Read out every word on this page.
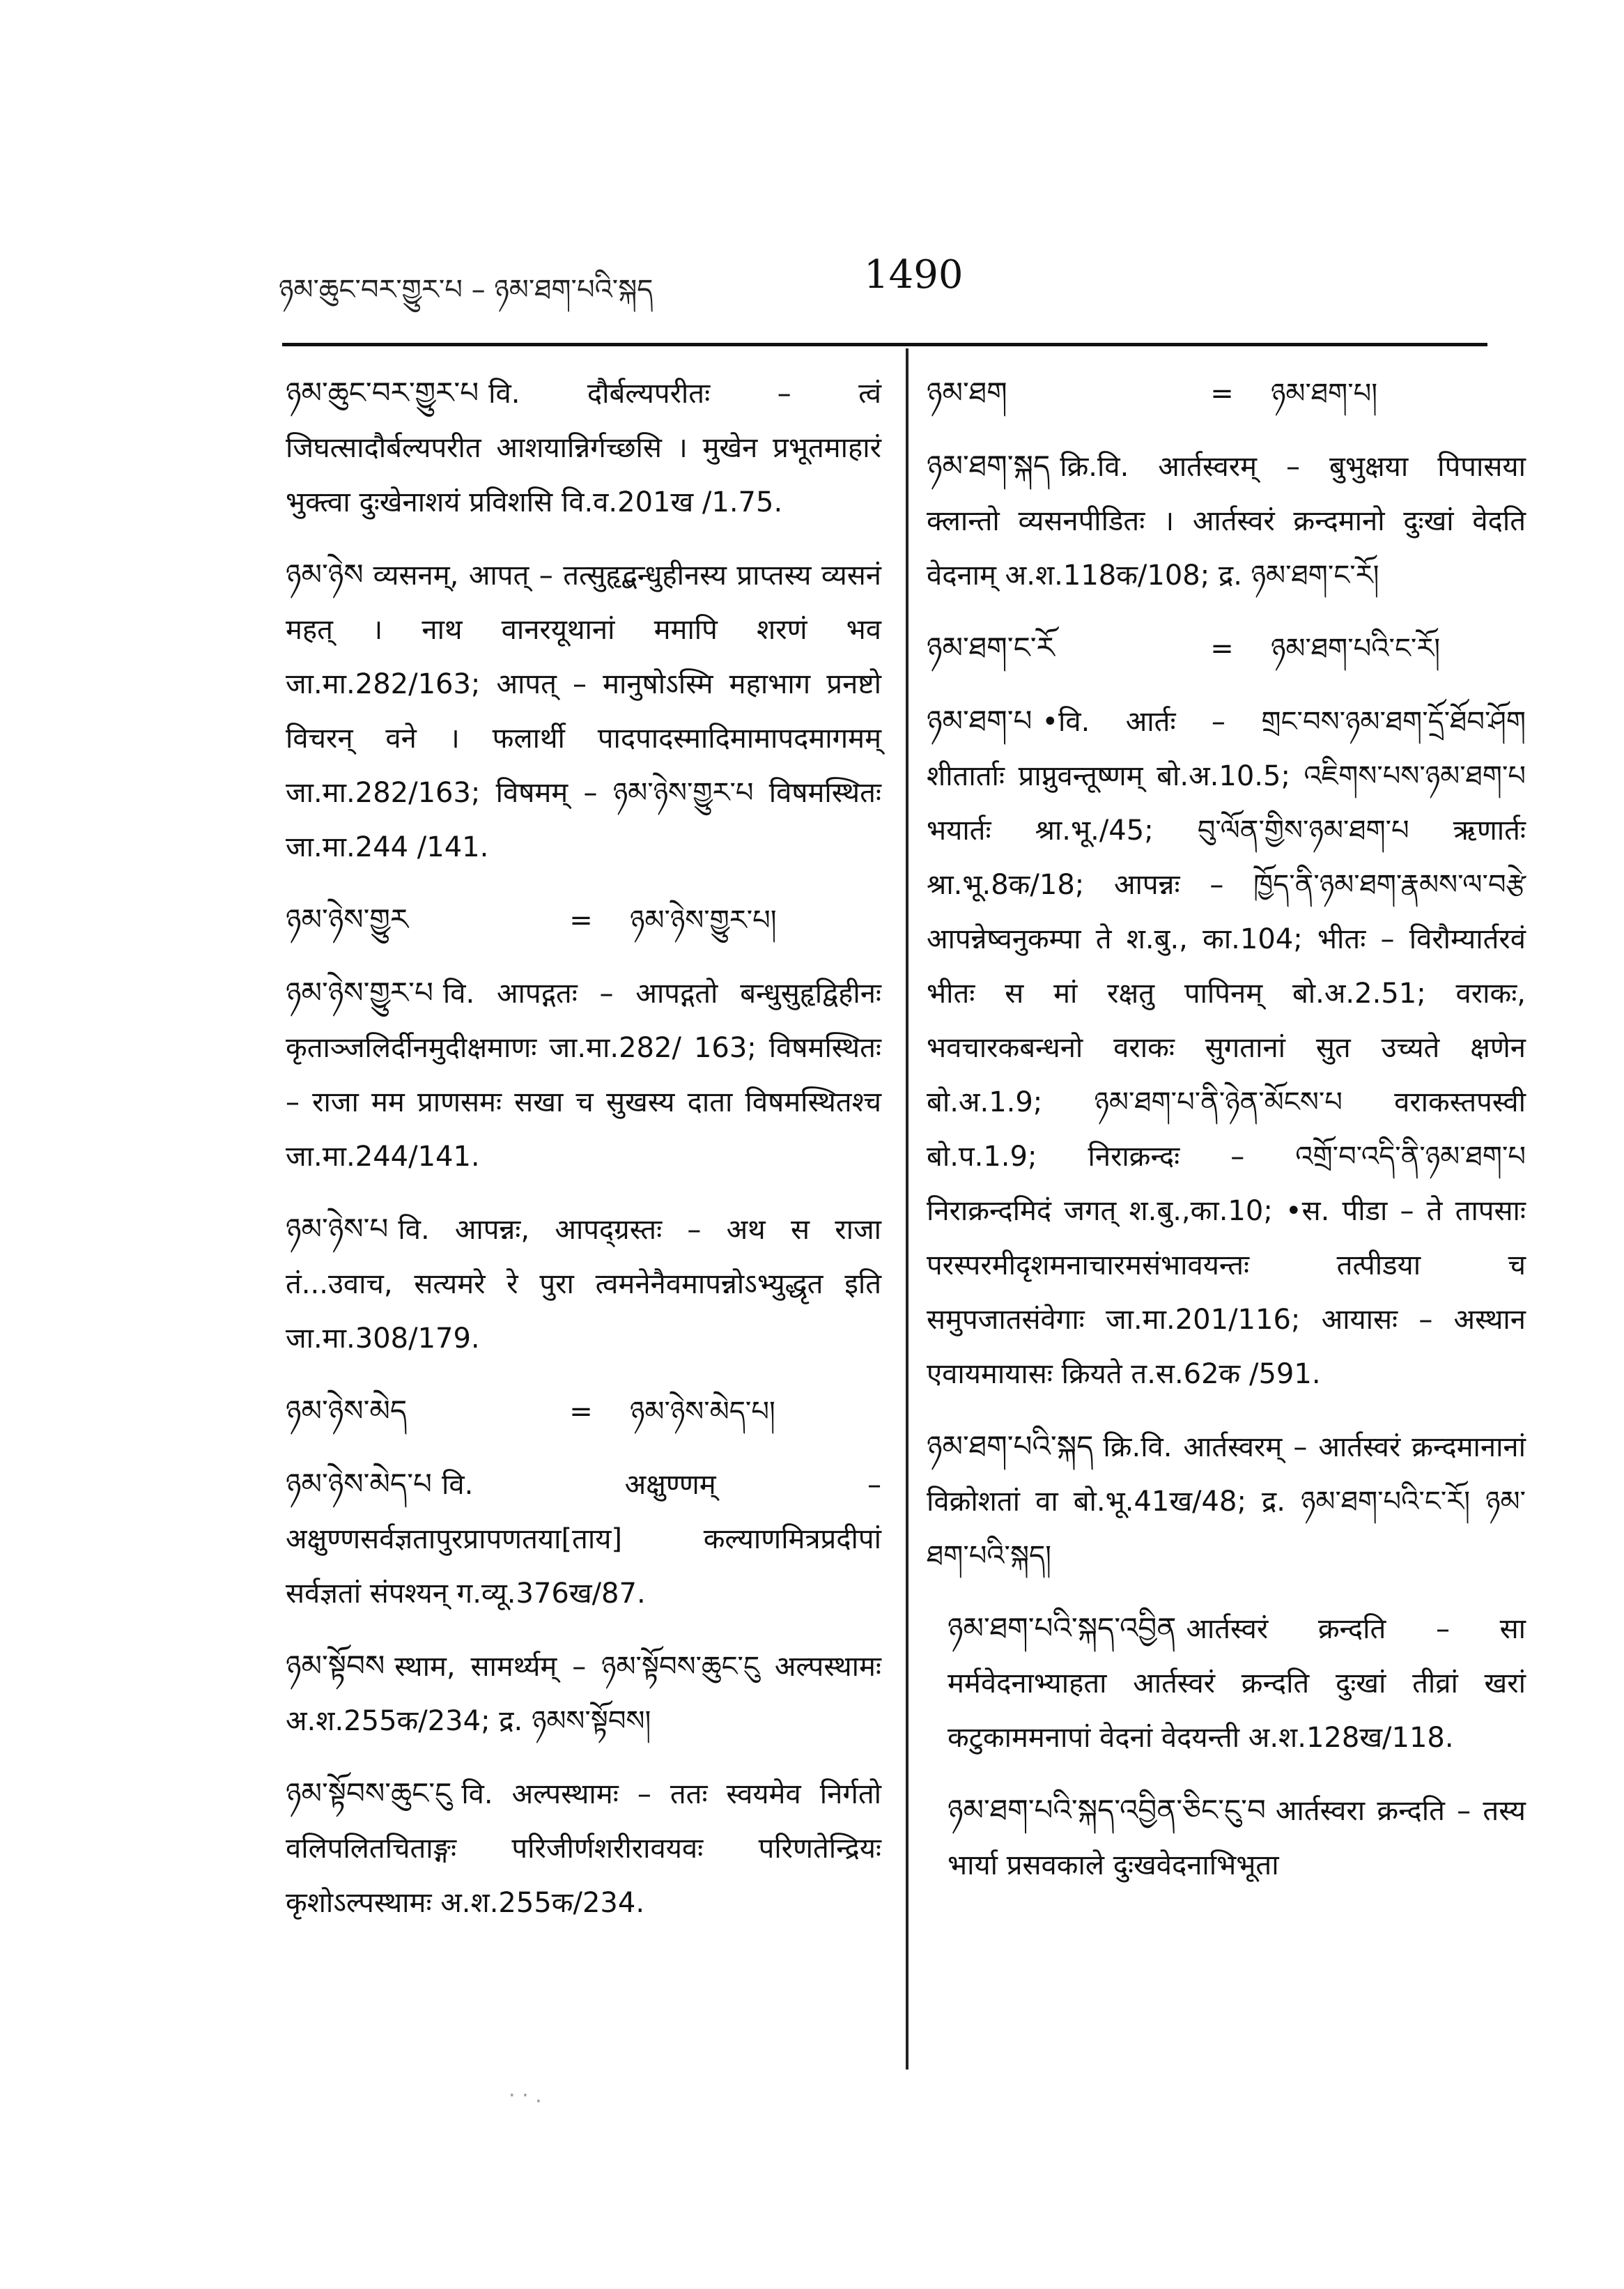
ཉམ་ཆུང་བར་གྱུར་པ – ཉམ་ཐག་པའི་སྐད	1490
ཉམ་ཆུང་བར་གྱུར་པ वि. दौर्बल्यपरीतः – त्वं जिघत्सादौर्बल्यपरीत आशयान्निर्गच्छसि । मुखेन प्रभूतमाहारं भुक्त्वा दुःखेनाशयं प्रविशसि वि.व.201ख /1.75.
ཉམ་ཉེས व्यसनम्, आपत् – तत्सुहृद्बन्धुहीनस्य प्राप्तस्य व्यसनं महत् । नाथ वानरयूथानां ममापि शरणं भव जा.मा.282/163; आपत् – मानुषोऽस्मि महाभाग प्रनष्टो विचरन् वने । फलार्थी पादपादस्मादिमामापदमागमम् जा.मा.282/163; विषमम् – ཉམ་ཉེས་གྱུར་པ विषमस्थितः जा.मा.244 /141.
ཉམ་ཉེས་གྱུར	= ཉམ་ཉེས་གྱུར་པ།
ཉམ་ཉེས་གྱུར་པ वि. आपद्गतः – आपद्गतो बन्धुसुहृद्विहीनः कृताञ्जलिर्दीनमुदीक्षमाणः जा.मा.282/ 163; विषमस्थितः – राजा मम प्राणसमः सखा च सुखस्य दाता विषमस्थितश्च जा.मा.244/141.
ཉམ་ཉེས་པ वि. आपन्नः, आपद्ग्रस्तः – अथ स राजा तं...उवाच, सत्यमरे रे पुरा त्वमनेनैवमापन्नोऽभ्युद्धृत इति जा.मा.308/179.
ཉམ་ཉེས་མེད	= ཉམ་ཉེས་མེད་པ།
ཉམ་ཉེས་མེད་པ वि. अक्षुण्णम् – अक्षुण्णसर्वज्ञतापुरप्रापणतया[ताय] कल्याणमित्रप्रदीपां सर्वज्ञतां संपश्यन् ग.व्यू.376ख/87.
ཉམ་སྟོབས स्थाम, सामर्थ्यम् – ཉམ་སྟོབས་ཆུང་ངུ अल्पस्थामः अ.श.255क/234; द्र. ཉམས་སྟོབས།
ཉམ་སྟོབས་ཆུང་ངུ वि. अल्पस्थामः – ततः स्वयमेव निर्गतो वलिपलितचिताङ्गः परिजीर्णशरीरावयवः परिणतेन्द्रियः कृशोऽल्पस्थामः अ.श.255क/234.
ཉམ་ཐག	= ཉམ་ཐག་པ།
ཉམ་ཐག་སྐད क्रि.वि. आर्तस्वरम् – बुभुक्षया पिपासया क्लान्तो व्यसनपीडितः । आर्तस्वरं क्रन्दमानो दुःखां वेदति वेदनाम् अ.श.118क/108; द्र. ཉམ་ཐག་ང་རོ།
ཉམ་ཐག་ང་རོ	= ཉམ་ཐག་པའི་ང་རོ།
ཉམ་ཐག་པ •वि. आर्तः – གྲང་བས་ཉམ་ཐག་དྲོ་ཐོབ་ཤོག शीतार्ताः प्राप्नुवन्तूष्णम् बो.अ.10.5; འཇིགས་པས་ཉམ་ཐག་པ भयार्तः श्रा.भू./45; བུ་ལོན་གྱིས་ཉམ་ཐག་པ ऋणार्तः श्रा.भू.8क/18; आपन्नः – ཁྱོད་ནི་ཉམ་ཐག་རྣམས་ལ་བརྩེ आपन्नेष्वनुकम्पा ते श.बु., का.104; भीतः – विरौम्यार्तरवं भीतः स मां रक्षतु पापिनम् बो.अ.2.51; वराकः, भवचारकबन्धनो वराकः सुगतानां सुत उच्यते क्षणेन बो.अ.1.9; ཉམ་ཐག་པ་ནི་ཉེན་མོངས་པ वराकस्तपस्वी बो.प.1.9; निराक्रन्दः – འགྲོ་བ་འདི་ནི་ཉམ་ཐག་པ निराक्रन्दमिदं जगत् श.बु.,का.10; •स. पीडा – ते तापसाः परस्परमीदृशमनाचारमसंभावयन्तः तत्पीडया च समुपजातसंवेगाः जा.मा.201/116; आयासः – अस्थान एवायमायासः क्रियते त.स.62क /591.
ཉམ་ཐག་པའི་སྐད क्रि.वि. आर्तस्वरम् – आर्तस्वरं क्रन्दमानानां विक्रोशतां वा बो.भू.41ख/48; द्र. ཉམ་ཐག་པའི་ང་རོ། ཉམ་ཐག་པའི་སྐད།
ཉམ་ཐག་པའི་སྐད་འབྱིན आर्तस्वरं क्रन्दति – सा मर्मवेदनाभ्याहता आर्तस्वरं क्रन्दति दुःखां तीव्रां खरां कटुकाममनापां वेदनां वेदयन्ती अ.श.128ख/118.
ཉམ་ཐག་པའི་སྐད་འབྱིན་ཅིང་ངུ་བ आर्तस्वरा क्रन्दति – तस्य भार्या प्रसवकाले दुःखवेदनाभिभूता
· · .
